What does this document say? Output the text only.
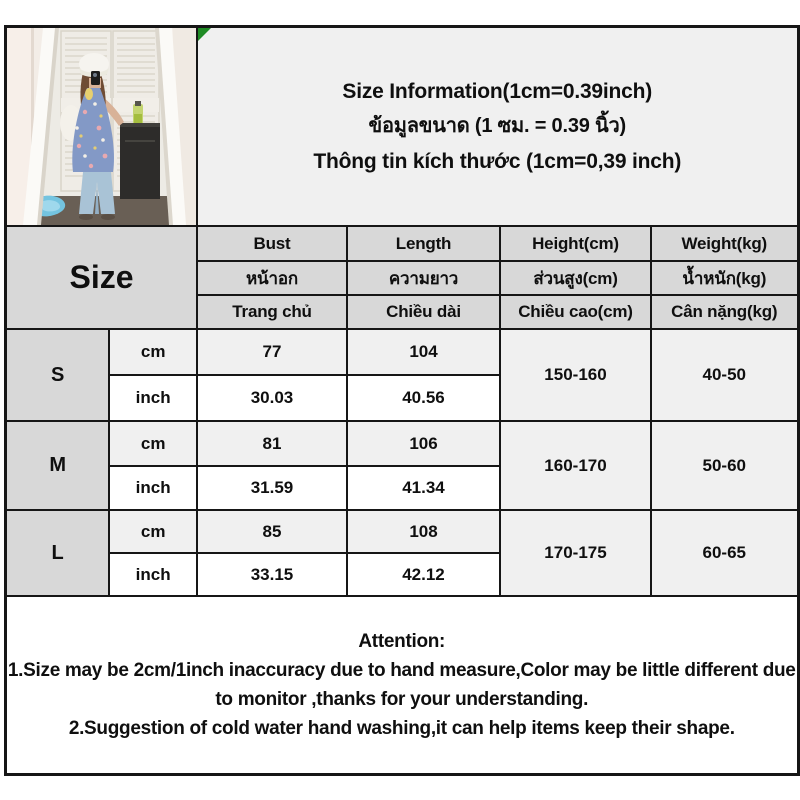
Size Information(1cm=0.39inch)
ข้อมูลขนาด (1 ซม. = 0.39 นิ้ว)
Thông tin kích thước (1cm=0,39 inch)			

Size		Bust	Length	Height(cm)	Weight(kg)
		หน้าอก	ความยาว	ส่วนสูง(cm)	น้ำหนัก(kg)
		Trang chủ	Chiều dài	Chiều cao(cm)	Cân nặng(kg)
S	cm	77	104	150-160	40-50
	inch	30.03	40.56		
M	cm	81	106	160-170	50-60
	inch	31.59	41.34		
L	cm	85	108	170-175	60-65
	inch	33.15	42.12		

Attention:
1.Size may be 2cm/1inch inaccuracy due to hand measure,Color may be little different due to monitor ,thanks for your understanding.
2.Suggestion of cold water hand washing,it can help items keep their shape.					
